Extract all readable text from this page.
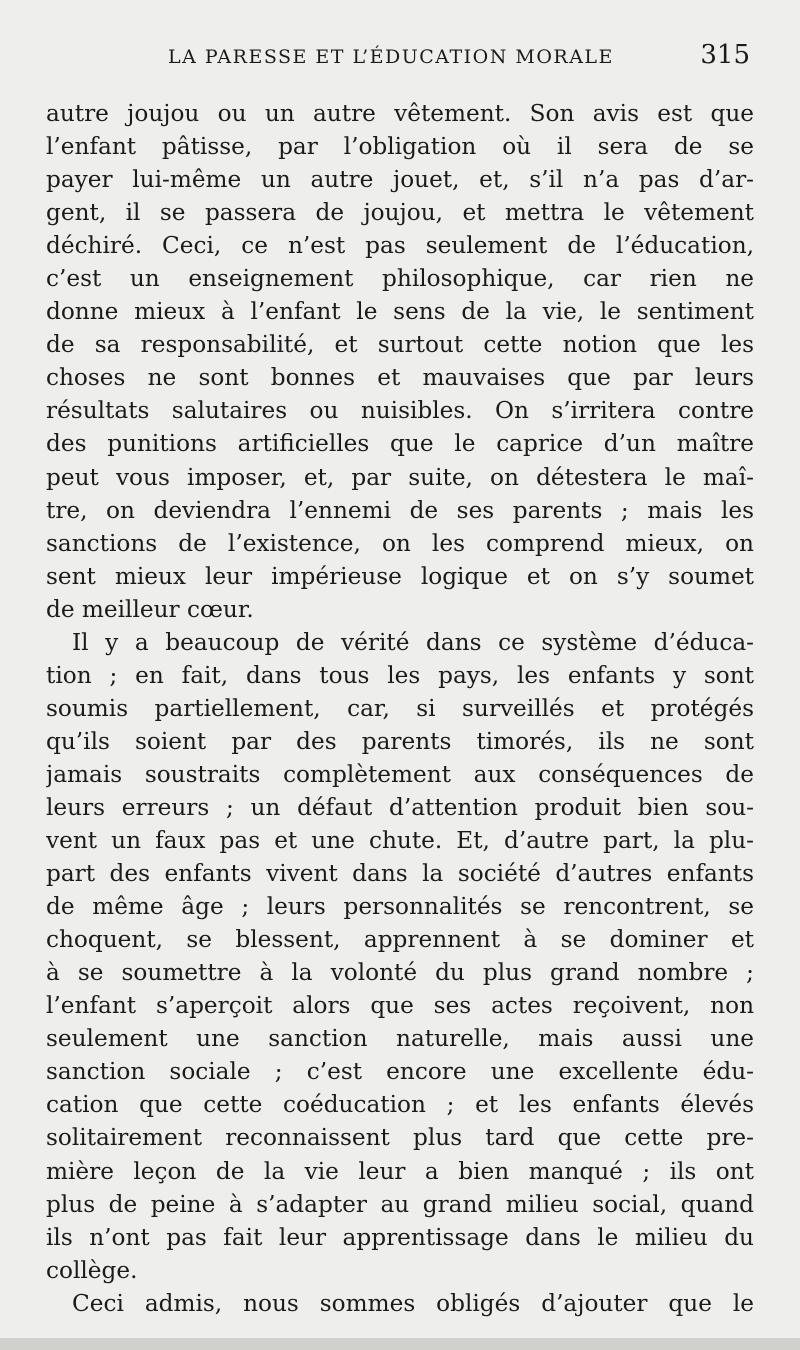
LA PARESSE ET L’ÉDUCATION MORALE	315
autre joujou ou un autre vêtement. Son avis est que
l’enfant pâtisse, par l’obligation où il sera de se
payer lui-même un autre jouet, et, s’il n’a pas d’ar-
gent, il se passera de joujou, et mettra le vêtement
déchiré. Ceci, ce n’est pas seulement de l’éducation,
c’est un enseignement philosophique, car rien ne
donne mieux à l’enfant le sens de la vie, le sentiment
de sa responsabilité, et surtout cette notion que les
choses ne sont bonnes et mauvaises que par leurs
résultats salutaires ou nuisibles. On s’irritera contre
des punitions artificielles que le caprice d’un maître
peut vous imposer, et, par suite, on détestera le maî-
tre, on deviendra l’ennemi de ses parents ; mais les
sanctions de l’existence, on les comprend mieux, on
sent mieux leur impérieuse logique et on s’y soumet
de meilleur cœur.
Il y a beaucoup de vérité dans ce système d’éduca-
tion ; en fait, dans tous les pays, les enfants y sont
soumis partiellement, car, si surveillés et protégés
qu’ils soient par des parents timorés, ils ne sont
jamais soustraits complètement aux conséquences de
leurs erreurs ; un défaut d’attention produit bien sou-
vent un faux pas et une chute. Et, d’autre part, la plu-
part des enfants vivent dans la société d’autres enfants
de même âge ; leurs personnalités se rencontrent, se
choquent, se blessent, apprennent à se dominer et
à se soumettre à la volonté du plus grand nombre ;
l’enfant s’aperçoit alors que ses actes reçoivent, non
seulement une sanction naturelle, mais aussi une
sanction sociale ; c’est encore une excellente édu-
cation que cette coéducation ; et les enfants élevés
solitairement reconnaissent plus tard que cette pre-
mière leçon de la vie leur a bien manqué ; ils ont
plus de peine à s’adapter au grand milieu social, quand
ils n’ont pas fait leur apprentissage dans le milieu du
collège.
Ceci admis, nous sommes obligés d’ajouter que le
